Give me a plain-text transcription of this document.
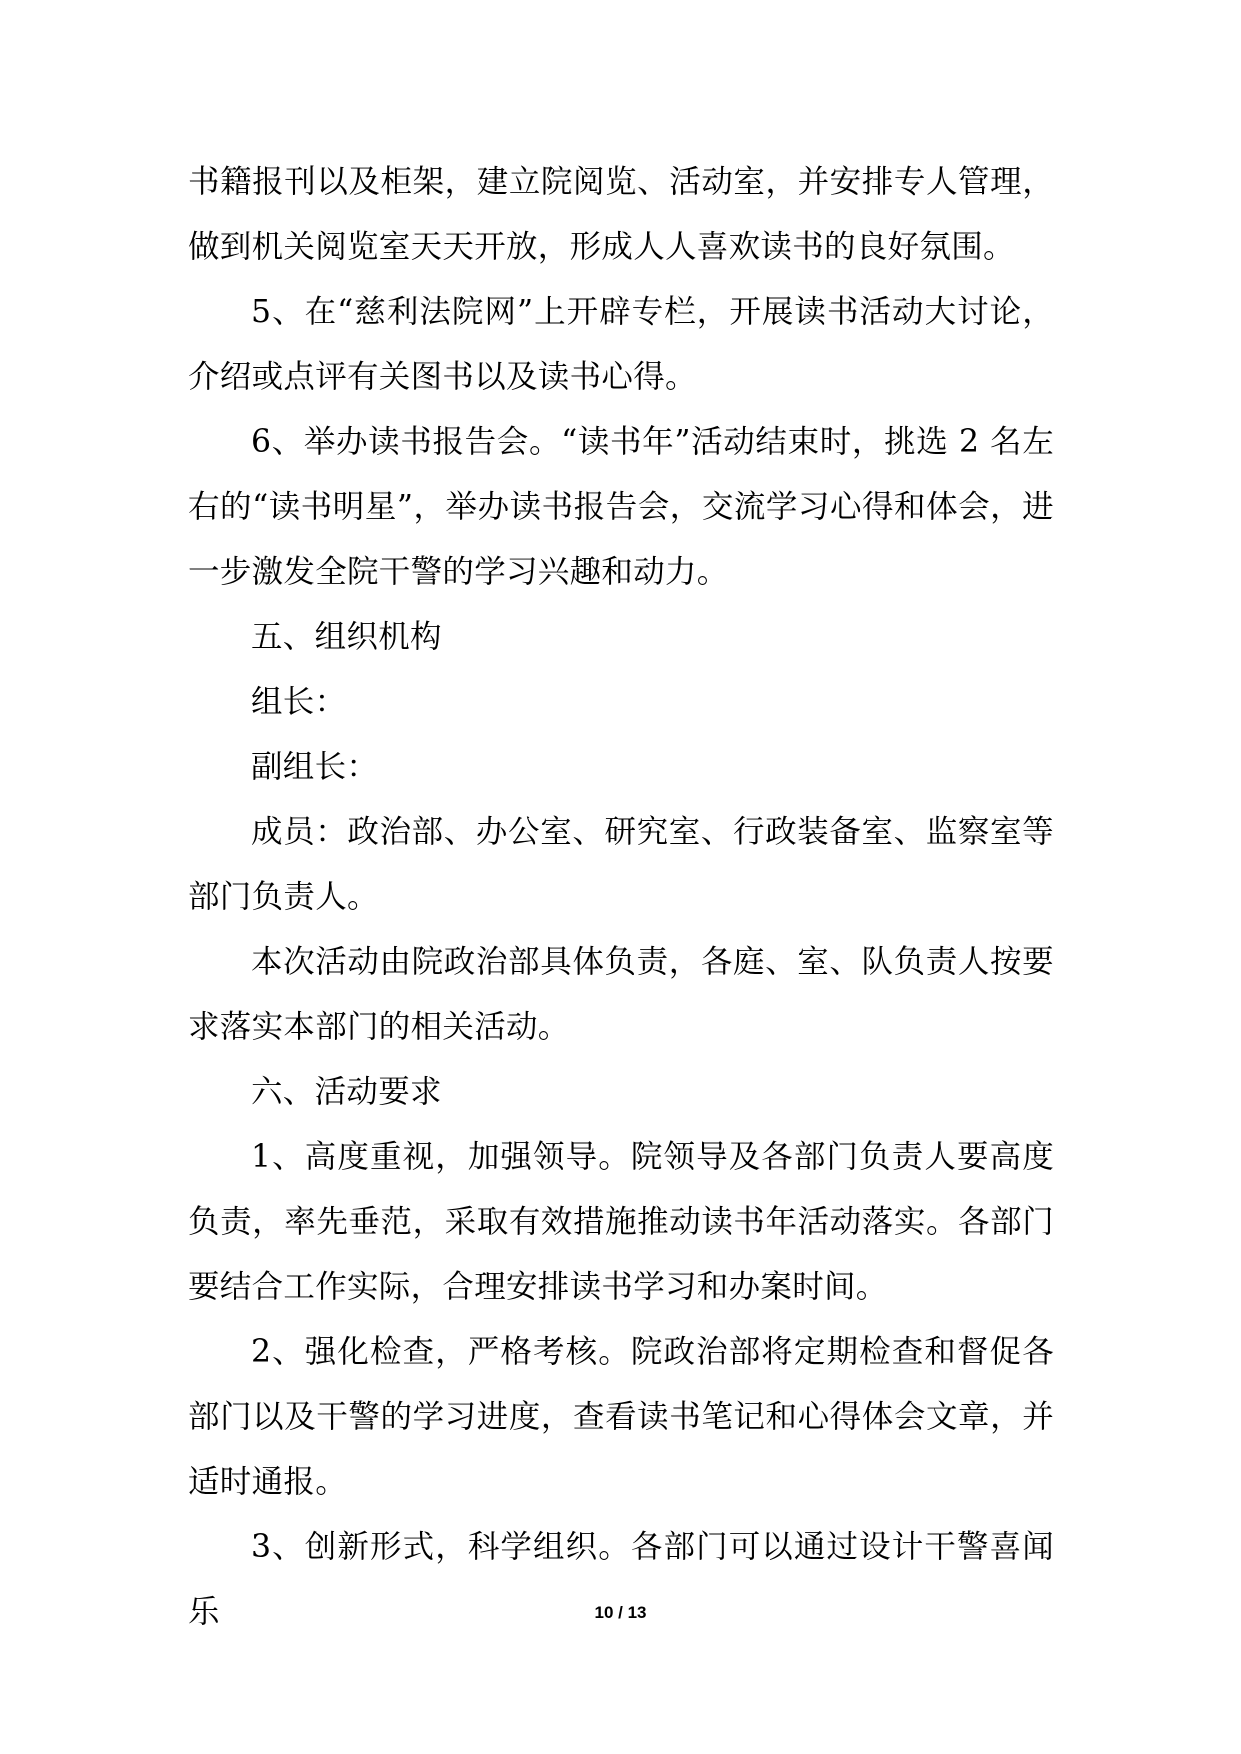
书籍报刊以及柜架，建立院阅览、活动室，并安排专人管理，做到机关阅览室天天开放，形成人人喜欢读书的良好氛围。

5、在“慈利法院网”上开辟专栏，开展读书活动大讨论，介绍或点评有关图书以及读书心得。

6、举办读书报告会。“读书年”活动结束时，挑选 2 名左右的“读书明星”，举办读书报告会，交流学习心得和体会，进一步激发全院干警的学习兴趣和动力。

五、组织机构

组长：

副组长：

成员：政治部、办公室、研究室、行政装备室、监察室等部门负责人。

本次活动由院政治部具体负责，各庭、室、队负责人按要求落实本部门的相关活动。

六、活动要求

1、高度重视，加强领导。院领导及各部门负责人要高度负责，率先垂范，采取有效措施推动读书年活动落实。各部门要结合工作实际，合理安排读书学习和办案时间。

2、强化检查，严格考核。院政治部将定期检查和督促各部门以及干警的学习进度，查看读书笔记和心得体会文章，并适时通报。

3、创新形式，科学组织。各部门可以通过设计干警喜闻乐	10 / 13
